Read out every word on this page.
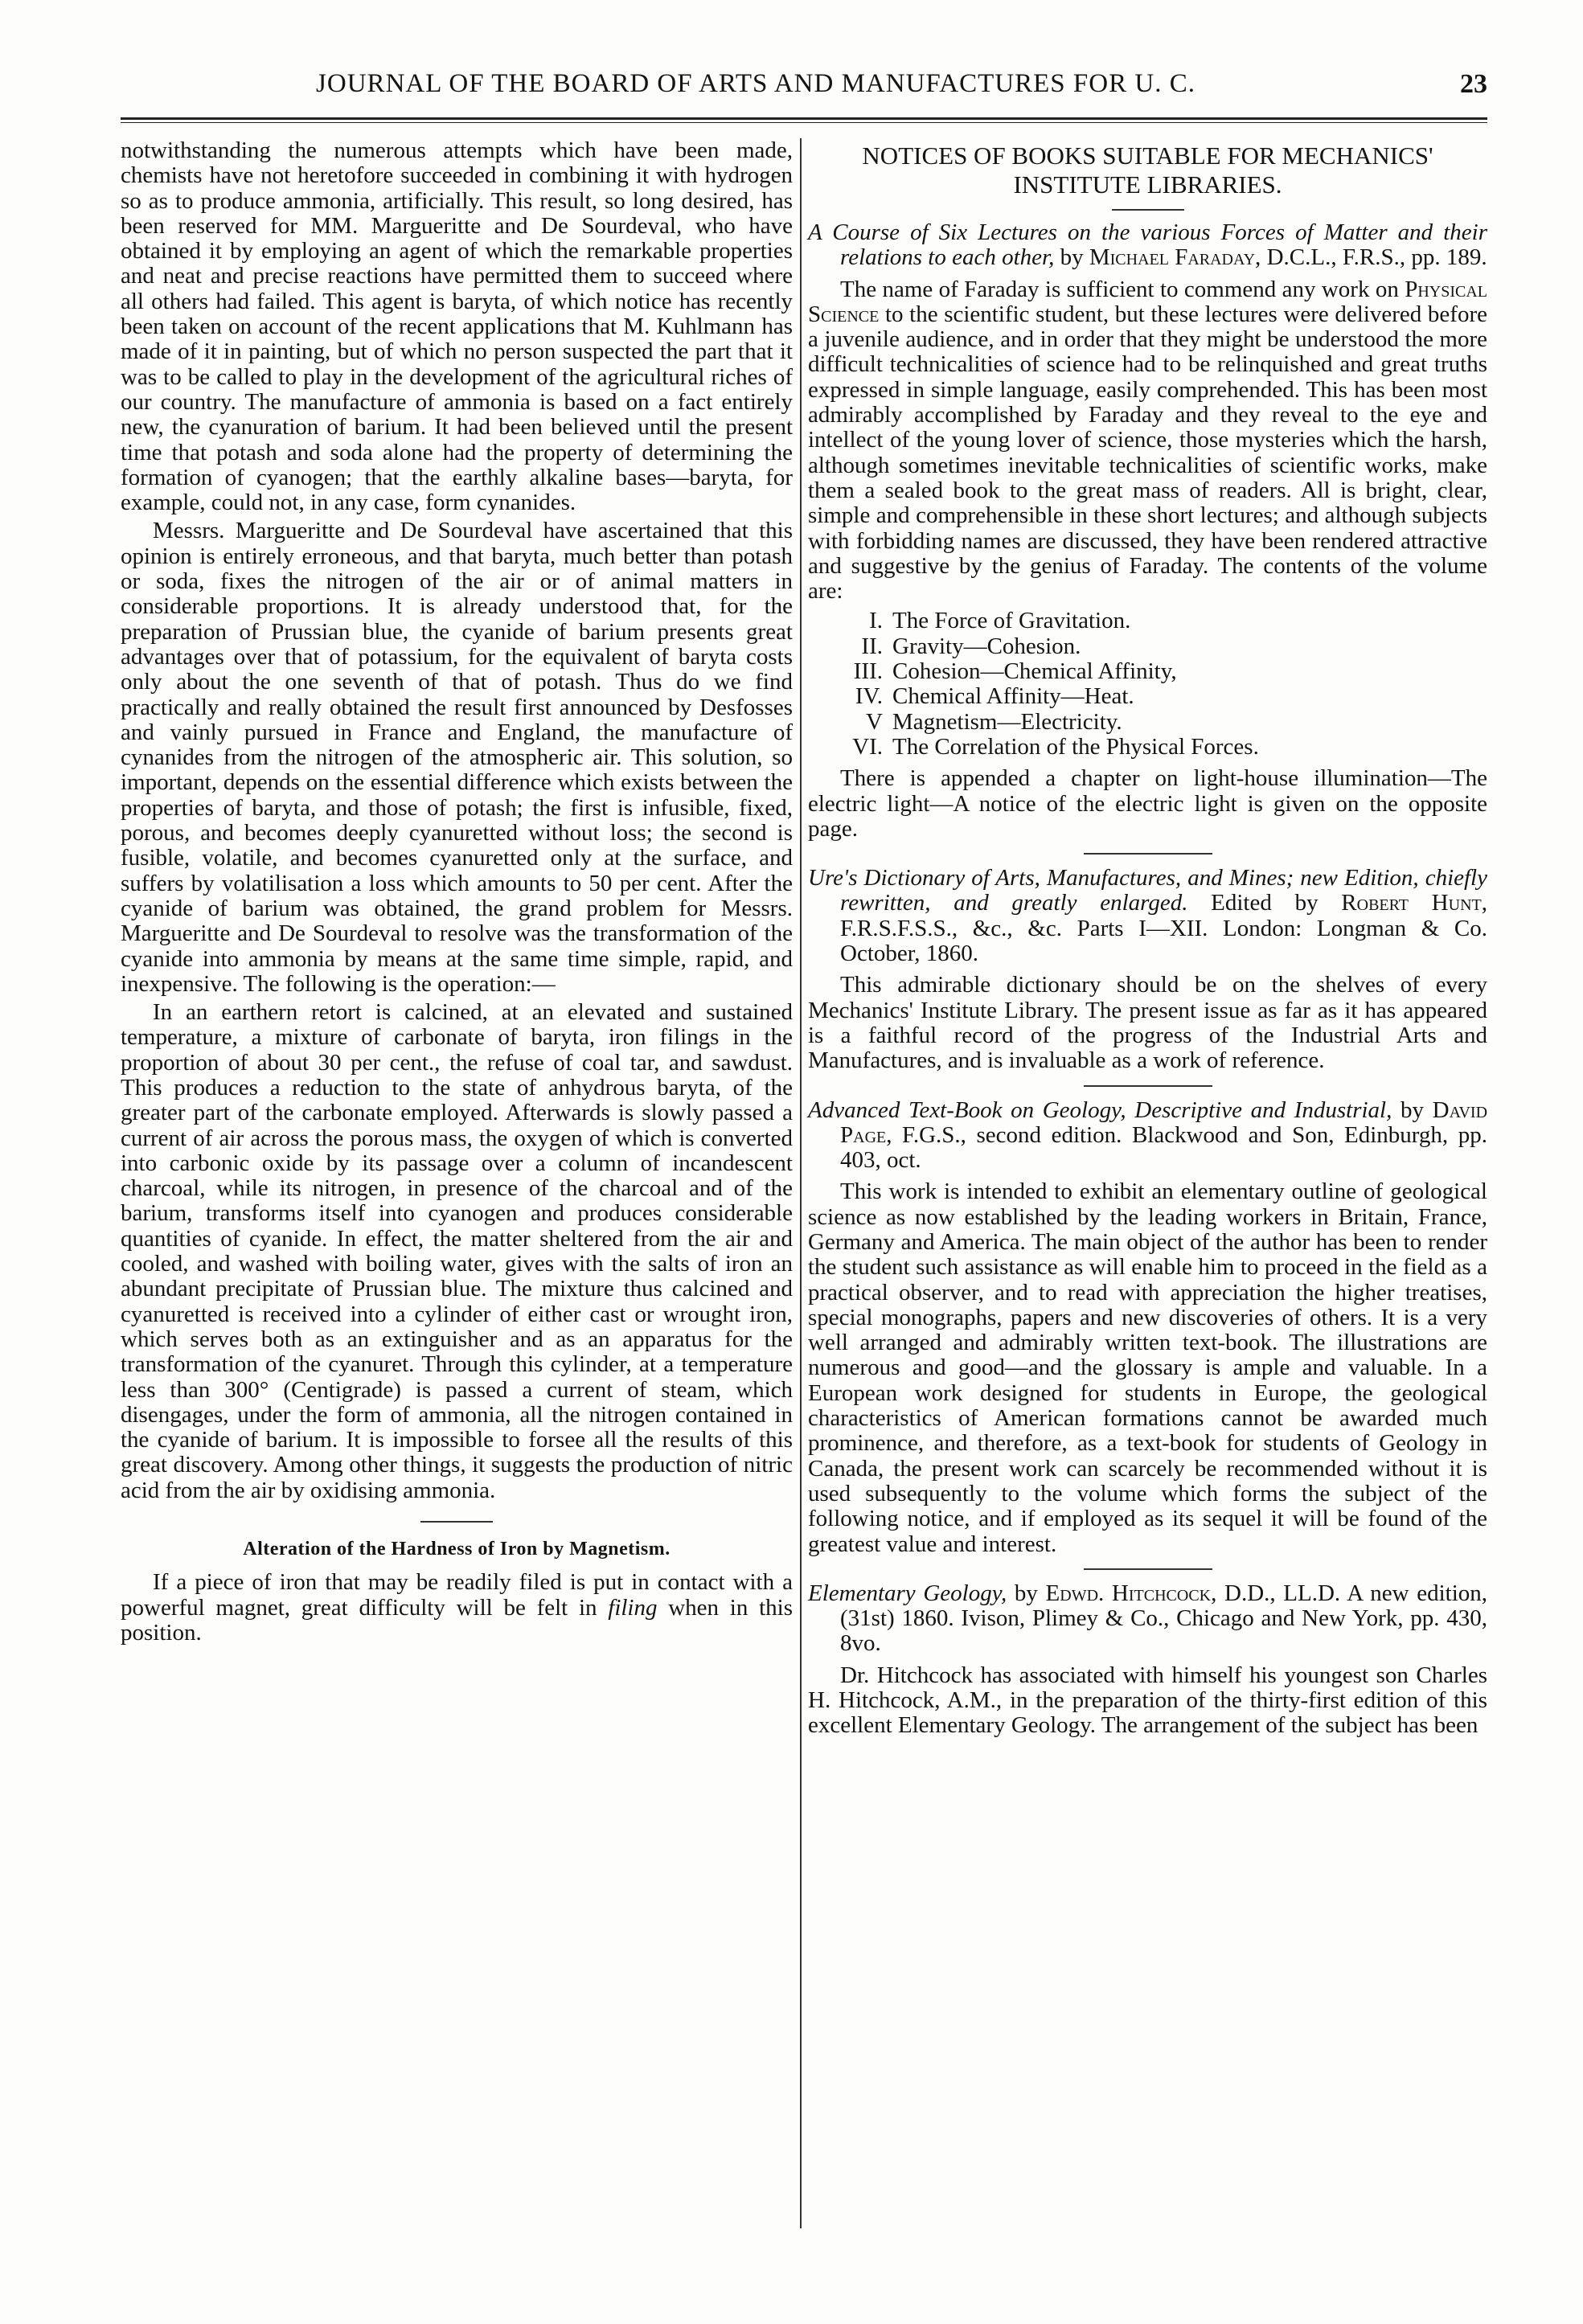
JOURNAL OF THE BOARD OF ARTS AND MANUFACTURES FOR U. C.	23

notwithstanding the numerous attempts which have been made, chemists have not heretofore succeeded in combining it with hydrogen so as to produce ammonia, artificially. This result, so long desired, has been reserved for MM. Margueritte and De Sourdeval, who have obtained it by employing an agent of which the remarkable properties and neat and precise reactions have permitted them to succeed where all others had failed. This agent is baryta, of which notice has recently been taken on account of the recent applications that M. Kuhlmann has made of it in painting, but of which no person suspected the part that it was to be called to play in the development of the agricultural riches of our country. The manufacture of ammonia is based on a fact entirely new, the cyanuration of barium. It had been believed until the present time that potash and soda alone had the property of determining the formation of cyanogen; that the earthly alkaline bases—baryta, for example, could not, in any case, form cynanides.

Messrs. Margueritte and De Sourdeval have ascertained that this opinion is entirely erroneous, and that baryta, much better than potash or soda, fixes the nitrogen of the air or of animal matters in considerable proportions. It is already understood that, for the preparation of Prussian blue, the cyanide of barium presents great advantages over that of potassium, for the equivalent of baryta costs only about the one seventh of that of potash. Thus do we find practically and really obtained the result first announced by Desfosses and vainly pursued in France and England, the manufacture of cynanides from the nitrogen of the atmospheric air. This solution, so important, depends on the essential difference which exists between the properties of baryta, and those of potash; the first is infusible, fixed, porous, and becomes deeply cyanuretted without loss; the second is fusible, volatile, and becomes cyanuretted only at the surface, and suffers by volatilisation a loss which amounts to 50 per cent. After the cyanide of barium was obtained, the grand problem for Messrs. Margueritte and De Sourdeval to resolve was the transformation of the cyanide into ammonia by means at the same time simple, rapid, and inexpensive. The following is the operation:—

In an earthern retort is calcined, at an elevated and sustained temperature, a mixture of carbonate of baryta, iron filings in the proportion of about 30 per cent., the refuse of coal tar, and sawdust. This produces a reduction to the state of anhydrous baryta, of the greater part of the carbonate employed. Afterwards is slowly passed a current of air across the porous mass, the oxygen of which is converted into carbonic oxide by its passage over a column of incandescent charcoal, while its nitrogen, in presence of the charcoal and of the barium, transforms itself into cyanogen and produces considerable quantities of cyanide. In effect, the matter sheltered from the air and cooled, and washed with boiling water, gives with the salts of iron an abundant precipitate of Prussian blue. The mixture thus calcined and cyanuretted is received into a cylinder of either cast or wrought iron, which serves both as an extinguisher and as an apparatus for the transformation of the cyanuret. Through this cylinder, at a temperature less than 300° (Centigrade) is passed a current of steam, which disengages, under the form of ammonia, all the nitrogen contained in the cyanide of barium. It is impossible to forsee all the results of this great discovery. Among other things, it suggests the production of nitric acid from the air by oxidising ammonia.

Alteration of the Hardness of Iron by Magnetism.

If a piece of iron that may be readily filed is put in contact with a powerful magnet, great difficulty will be felt in filing when in this position.

NOTICES OF BOOKS SUITABLE FOR MECHANICS' INSTITUTE LIBRARIES.

A Course of Six Lectures on the various Forces of Matter and their relations to each other, by Michael Faraday, D.C.L., F.R.S., pp. 189.

The name of Faraday is sufficient to commend any work on Physical Science to the scientific student, but these lectures were delivered before a juvenile audience, and in order that they might be understood the more difficult technicalities of science had to be relinquished and great truths expressed in simple language, easily comprehended. This has been most admirably accomplished by Faraday and they reveal to the eye and intellect of the young lover of science, those mysteries which the harsh, although sometimes inevitable technicalities of scientific works, make them a sealed book to the great mass of readers. All is bright, clear, simple and comprehensible in these short lectures; and although subjects with forbidding names are discussed, they have been rendered attractive and suggestive by the genius of Faraday. The contents of the volume are:

I. The Force of Gravitation.
II. Gravity—Cohesion.
III. Cohesion—Chemical Affinity,
IV. Chemical Affinity—Heat.
V Magnetism—Electricity.
VI. The Correlation of the Physical Forces.

There is appended a chapter on light-house illumination—The electric light—A notice of the electric light is given on the opposite page.

Ure's Dictionary of Arts, Manufactures, and Mines; new Edition, chiefly rewritten, and greatly enlarged. Edited by Robert Hunt, F.R.S.F.S.S., &c., &c. Parts I—XII. London: Longman & Co. October, 1860.

This admirable dictionary should be on the shelves of every Mechanics' Institute Library. The present issue as far as it has appeared is a faithful record of the progress of the Industrial Arts and Manufactures, and is invaluable as a work of reference.

Advanced Text-Book on Geology, Descriptive and Industrial, by David Page, F.G.S., second edition. Blackwood and Son, Edinburgh, pp. 403, oct.

This work is intended to exhibit an elementary outline of geological science as now established by the leading workers in Britain, France, Germany and America. The main object of the author has been to render the student such assistance as will enable him to proceed in the field as a practical observer, and to read with appreciation the higher treatises, special monographs, papers and new discoveries of others. It is a very well arranged and admirably written text-book. The illustrations are numerous and good—and the glossary is ample and valuable. In a European work designed for students in Europe, the geological characteristics of American formations cannot be awarded much prominence, and therefore, as a text-book for students of Geology in Canada, the present work can scarcely be recommended without it is used subsequently to the volume which forms the subject of the following notice, and if employed as its sequel it will be found of the greatest value and interest.

Elementary Geology, by Edwd. Hitchcock, D.D., LL.D. A new edition, (31st) 1860. Ivison, Plimey & Co., Chicago and New York, pp. 430, 8vo.

Dr. Hitchcock has associated with himself his youngest son Charles H. Hitchcock, A.M., in the preparation of the thirty-first edition of this excellent Elementary Geology. The arrangement of the subject has been
